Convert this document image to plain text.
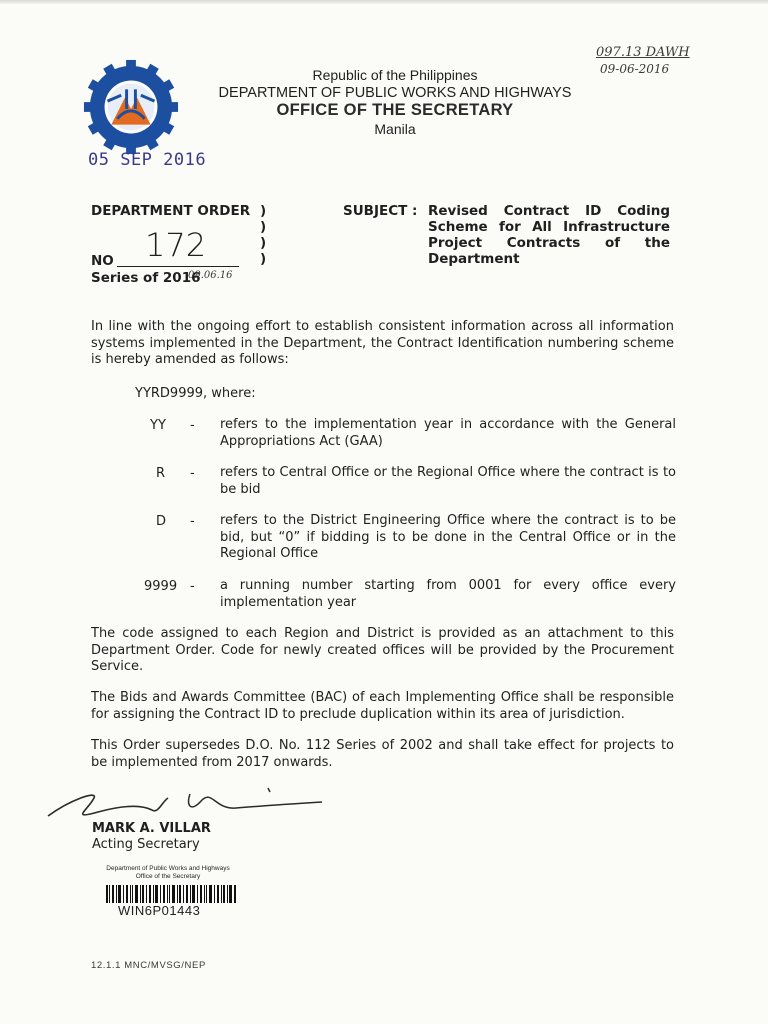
Republic of the Philippines
DEPARTMENT OF PUBLIC WORKS AND HIGHWAYS
OFFICE OF THE SECRETARY
Manila
097.13 DAWH
09-06-2016
05 SEP 2016
DEPARTMENT ORDER )
)
)
)
172
NO
Series of 2016
09.06.16
SUBJECT : Revised Contract ID Coding Scheme for All Infrastructure Project Contracts of the Department
In line with the ongoing effort to establish consistent information across all information systems implemented in the Department, the Contract Identification numbering scheme is hereby amended as follows:
YYRD9999, where:
YY - refers to the implementation year in accordance with the General Appropriations Act (GAA)
R - refers to Central Office or the Regional Office where the contract is to be bid
D - refers to the District Engineering Office where the contract is to be bid, but “0” if bidding is to be done in the Central Office or in the Regional Office
9999 - a running number starting from 0001 for every office every implementation year
The code assigned to each Region and District is provided as an attachment to this Department Order. Code for newly created offices will be provided by the Procurement Service.
The Bids and Awards Committee (BAC) of each Implementing Office shall be responsible for assigning the Contract ID to preclude duplication within its area of jurisdiction.
This Order supersedes D.O. No. 112 Series of 2002 and shall take effect for projects to be implemented from 2017 onwards.
MARK A. VILLAR
Acting Secretary
Department of Public Works and Highways
Office of the Secretary
WIN6P01443
12.1.1 MNC/MVSG/NEP
